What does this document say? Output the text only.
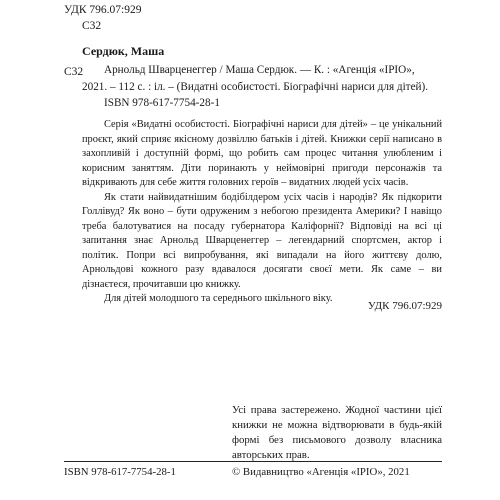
УДК 796.07:929
С32
Сердюк, Маша
С32	Арнольд Шварценеггер / Маша Сердюк. — К. : «Агенція «ІРІО»,
2021. – 112 с. : іл. – (Видатні особистості. Біографічні нариси для дітей).
ISBN 978-617-7754-28-1

Серія «Видатні особистості. Біографічні нариси для дітей» – це унікальний проєкт, який сприяє якісному дозвіллю батьків і дітей. Книжки серії написано в захопливій і доступній формі, що робить сам процес читання улюбленим і корисним заняттям. Діти поринають у неймовірні пригоди персонажів та відкривають для себе життя головних героїв – видатних людей усіх часів.

Як стати найвидатнішим бодібілдером усіх часів і народів? Як підкорити Голлівуд? Як воно – бути одруженим з небогою президента Америки? І навіщо треба балотуватися на посаду губернатора Каліфорнії? Відповіді на всі ці запитання знає Арнольд Шварценеггер – легендарний спортсмен, актор і політик. Попри всі випробування, які випадали на його життєву долю, Арнольдові кожного разу вдавалося досягати своєї мети. Як саме – ви дізнаєтеся, прочитавши цю книжку.

Для дітей молодшого та середнього шкільного віку.

УДК 796.07:929
Усі права застережено. Жодної частини цієї книжки не можна відтворювати в будь-якій формі без письмового дозволу власника авторських прав.
ISBN 978-617-7754-28-1	© Видавництво «Агенція «ІРІО», 2021
